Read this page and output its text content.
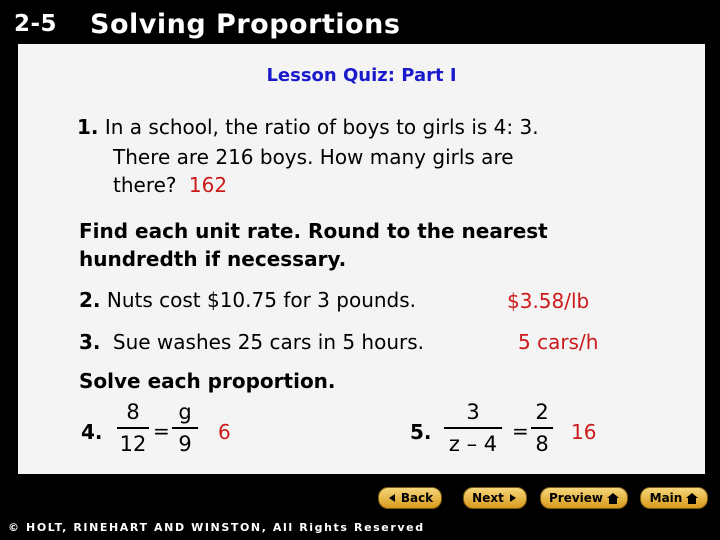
2-5 Solving Proportions
Lesson Quiz: Part I
1. In a school, the ratio of boys to girls is 4: 3.
There are 216 boys. How many girls are
there? 162
Find each unit rate. Round to the nearest
hundredth if necessary.
2. Nuts cost $10.75 for 3 pounds.	$3.58/lb
3. Sue washes 25 cars in 5 hours.	5 cars/h
Solve each proportion.
4.
8
12
=
g
9 6	5.
3
z – 4
=
2
8 16
Back	Next	Preview	Main
© HOLT, RINEHART AND WINSTON, All Rights Reserved
